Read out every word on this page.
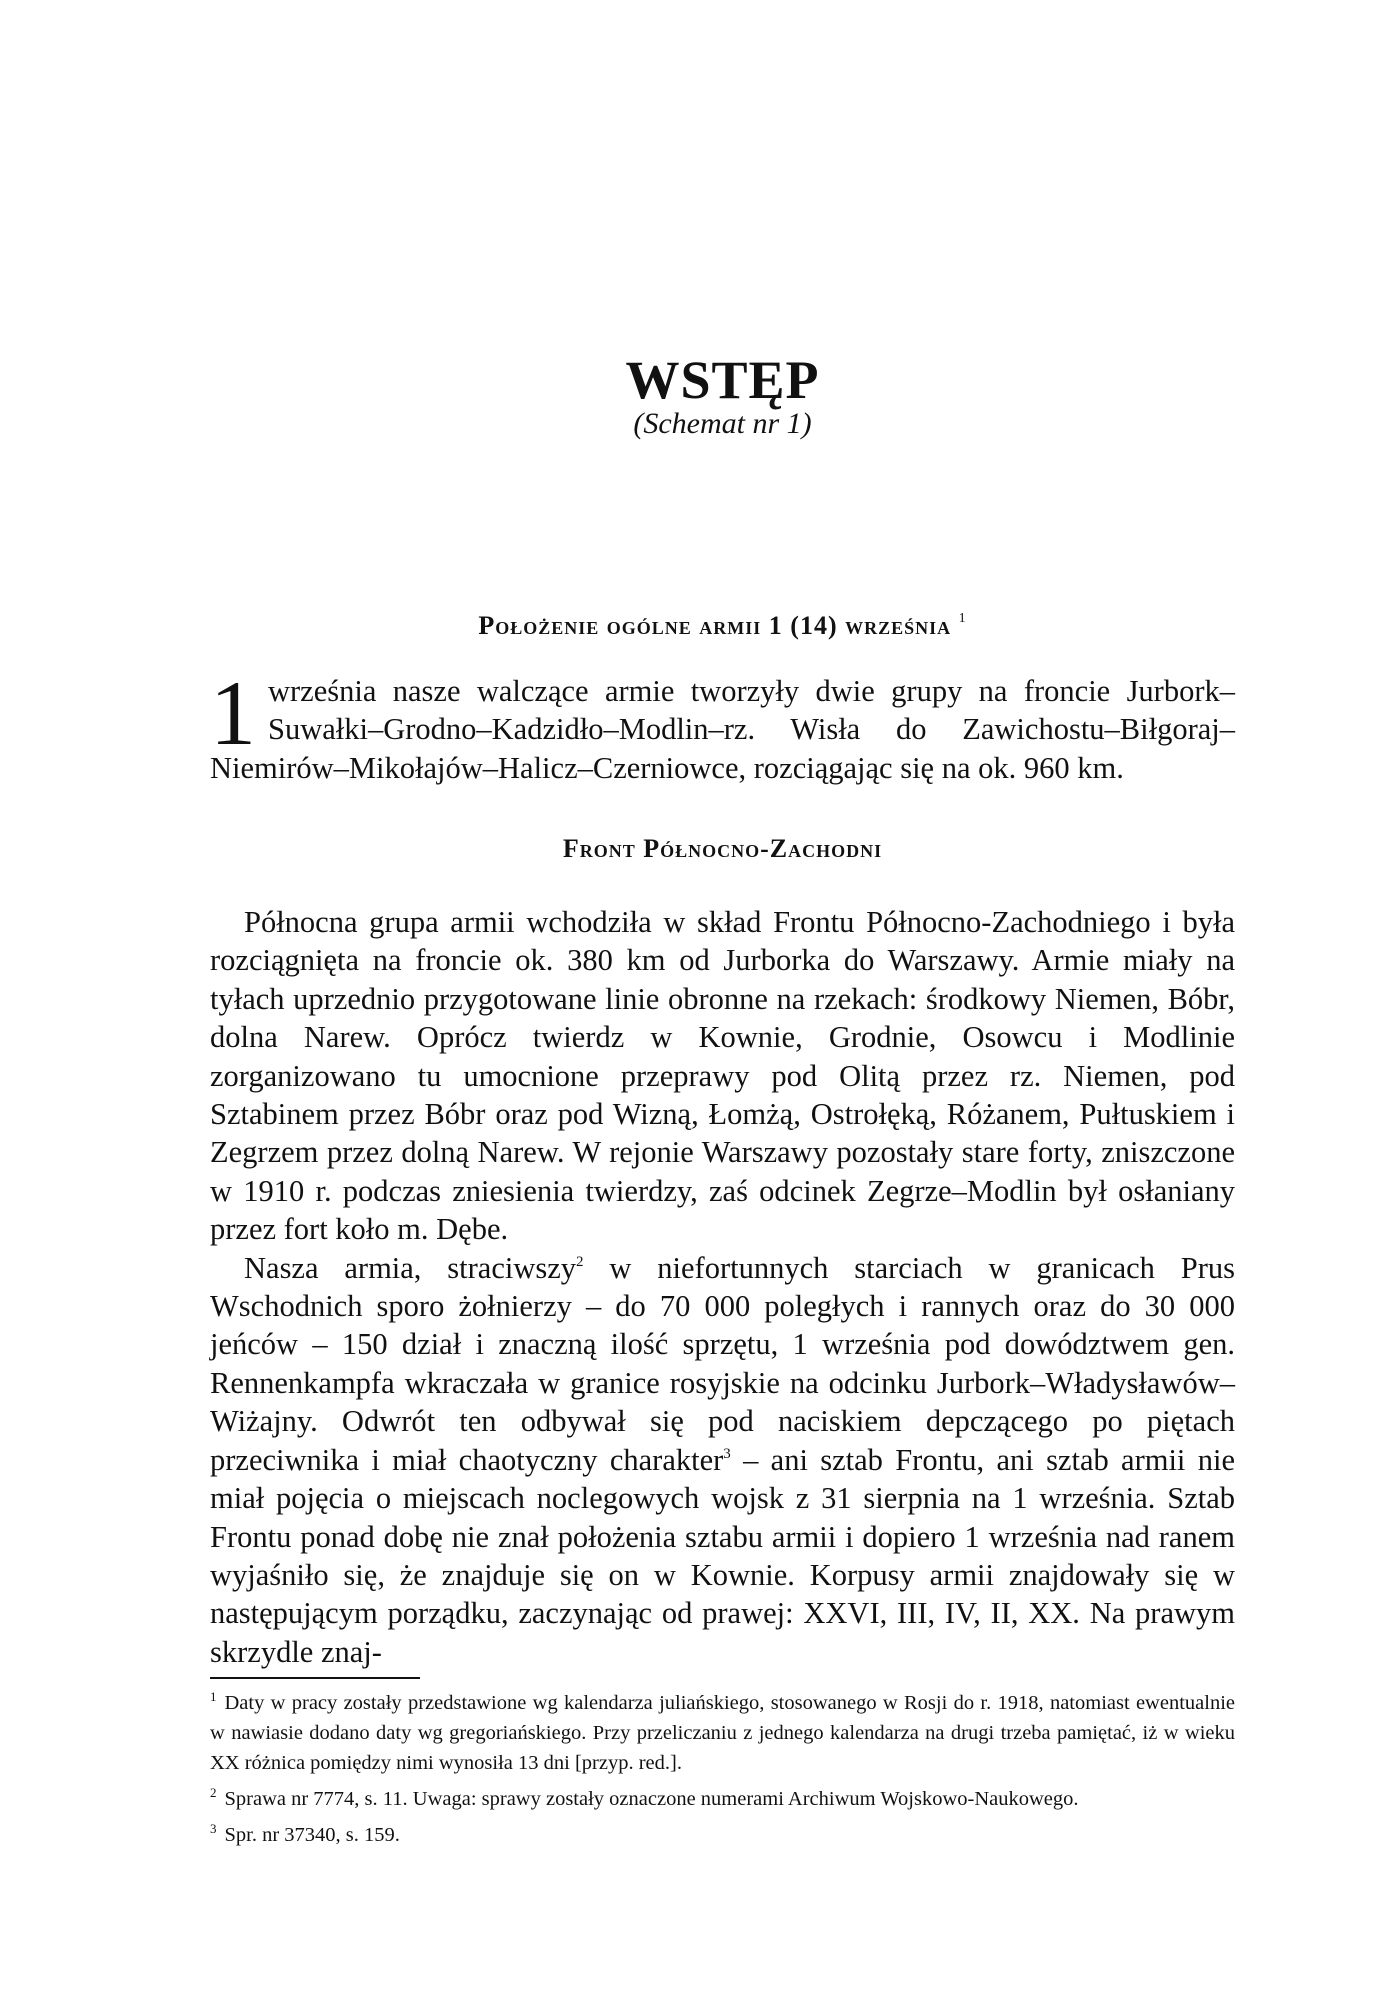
WSTĘP
(Schemat nr 1)
Położenie ogólne armii 1 (14) września $^1$

1 września nasze walczące armie tworzyły dwie grupy na froncie Jurbork–Suwałki–Grodno–Kadzidło–Modlin–rz. Wisła do Zawichostu–Biłgoraj–Niemirów–Mikołajów–Halicz–Czerniowce, rozciągając się na ok. 960 km.

Front Północno-Zachodni

Północna grupa armii wchodziła w skład Frontu Północno-Zachodniego i była rozciągnięta na froncie ok. 380 km od Jurborka do Warszawy. Armie miały na tyłach uprzednio przygotowane linie obronne na rzekach: środkowy Niemen, Bóbr, dolna Narew. Oprócz twierdz w Kownie, Grodnie, Osowcu i Modlinie zorganizowano tu umocnione przeprawy pod Olitą przez rz. Niemen, pod Sztabinem przez Bóbr oraz pod Wizną, Łomżą, Ostrołęką, Różanem, Pułtuskiem i Zegrzem przez dolną Narew. W rejonie Warszawy pozostały stare forty, zniszczone w 1910 r. podczas zniesienia twierdzy, zaś odcinek Zegrze–Modlin był osłaniany przez fort koło m. Dębe.

Nasza armia, straciwszy$^2$ w niefortunnych starciach w granicach Prus Wschodnich sporo żołnierzy – do 70 000 poległych i rannych oraz do 30 000 jeńców – 150 dział i znaczną ilość sprzętu, 1 września pod dowództwem gen. Rennenkampfa wkraczała w granice rosyjskie na odcinku Jurbork–Władysławów–Wiżajny. Odwrót ten odbywał się pod naciskiem depczącego po piętach przeciwnika i miał chaotyczny charakter$^3$ – ani sztab Frontu, ani sztab armii nie miał pojęcia o miejscach noclegowych wojsk z 31 sierpnia na 1 września. Sztab Frontu ponad dobę nie znał położenia sztabu armii i dopiero 1 września nad ranem wyjaśniło się, że znajduje się on w Kownie. Korpusy armii znajdowały się w następującym porządku, zaczynając od prawej: XXVI, III, IV, II, XX. Na prawym skrzydle znaj-

$^1$ Daty w pracy zostały przedstawione wg kalendarza juliańskiego, stosowanego w Rosji do r. 1918, natomiast ewentualnie w nawiasie dodano daty wg gregoriańskiego. Przy przeliczaniu z jednego kalendarza na drugi trzeba pamiętać, iż w wieku XX różnica pomiędzy nimi wynosiła 13 dni [przyp. red.].

$^2$ Sprawa nr 7774, s. 11. Uwaga: sprawy zostały oznaczone numerami Archiwum Wojskowo-Naukowego.

$^3$ Spr. nr 37340, s. 159.
